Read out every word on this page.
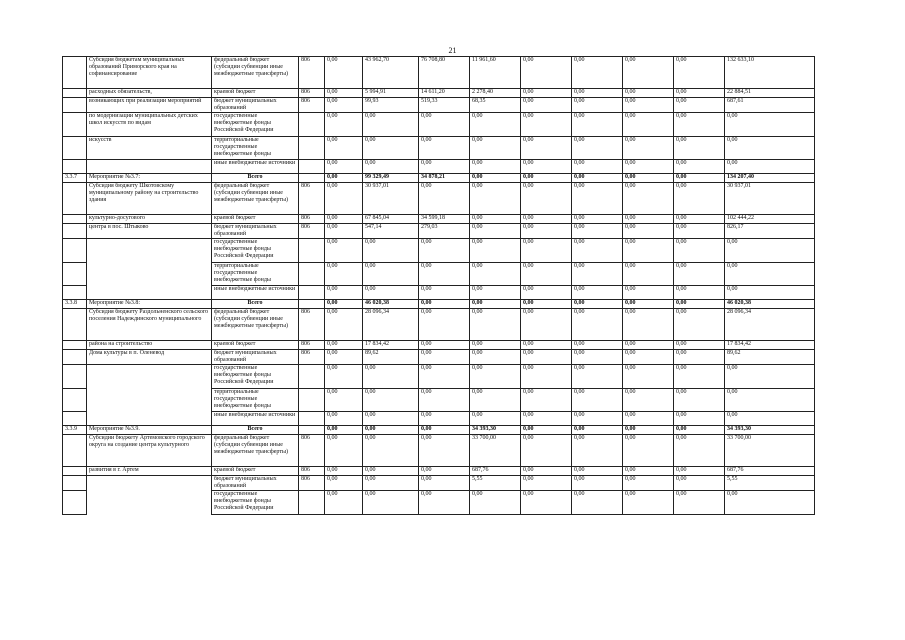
21
	Субсидия бюджетам муниципальных образований Приморского края на софинансирование	федеральный бюджет (субсидии субвенции иные межбюджетные трансферты)	806	0,00	43 962,70	76 708,80	11 961,60	0,00	0,00	0,00	0,00	132 633,10
	расходных обязательств,	краевой бюджет	806	0,00	5 994,91	14 611,20	2 278,40	0,00	0,00	0,00	0,00	22 884,51
	возникающих при реализации мероприятий	бюджет муниципальных образований	806	0,00	99,93	519,33	68,35	0,00	0,00	0,00	0,00	687,61
	по модернизации муниципальных детских школ искусств по видам	государственные внебюджетные фонды Российской Федерации		0,00	0,00	0,00	0,00	0,00	0,00	0,00	0,00	0,00
	искусств	территориальные государственные внебюджетные фонды		0,00	0,00	0,00	0,00	0,00	0,00	0,00	0,00	0,00
		иные внебюджетные источники		0,00	0,00	0,00	0,00	0,00	0,00	0,00	0,00	0,00
3.3.7	Мероприятие №3.7:	Всего		0,00	99 329,49	34 878,21	0,00	0,00	0,00	0,00	0,00	134 207,40
	Субсидия бюджету Шкотовскому муниципальному району на строительство здания	федеральный бюджет (субсидии субвенции иные межбюджетные трансферты)	806	0,00	30 937,01	0,00	0,00	0,00	0,00	0,00	0,00	30 937,01
	культурно-досугового	краевой бюджет	806	0,00	67 845,04	34 599,18	0,00	0,00	0,00	0,00	0,00	102 444,22
	центра в пос. Штыково	бюджет муниципальных образований	806	0,00	547,14	279,03	0,00	0,00	0,00	0,00	0,00	826,17
		государственные внебюджетные фонды Российской Федерации		0,00	0,00	0,00	0,00	0,00	0,00	0,00	0,00	0,00
		территориальные государственные внебюджетные фонды		0,00	0,00	0,00	0,00	0,00	0,00	0,00	0,00	0,00
		иные внебюджетные источники		0,00	0,00	0,00	0,00	0,00	0,00	0,00	0,00	0,00
3.3.8	Мероприятие №3.8:	Всего		0,00	46 020,38	0,00	0,00	0,00	0,00	0,00	0,00	46 020,38
	Субсидия бюджету Раздольненского сельского поселения Надеждинского муниципального	федеральный бюджет (субсидии субвенции иные межбюджетные трансферты)	806	0,00	28 096,34	0,00	0,00	0,00	0,00	0,00	0,00	28 096,34
	района на строительство	краевой бюджет	806	0,00	17 834,42	0,00	0,00	0,00	0,00	0,00	0,00	17 834,42
	Дома культуры в п. Оленевод	бюджет муниципальных образований	806	0,00	89,62	0,00	0,00	0,00	0,00	0,00	0,00	89,62
		государственные внебюджетные фонды Российской Федерации		0,00	0,00	0,00	0,00	0,00	0,00	0,00	0,00	0,00
		территориальные государственные внебюджетные фонды		0,00	0,00	0,00	0,00	0,00	0,00	0,00	0,00	0,00
		иные внебюджетные источники		0,00	0,00	0,00	0,00	0,00	0,00	0,00	0,00	0,00
3.3.9	Мероприятие №3.9.	Всего		0,00	0,00	0,00	34 393,30	0,00	0,00	0,00	0,00	34 393,30
	Субсидии бюджету Артемовского городского округа на создание центра культурного	федеральный бюджет (субсидии субвенции иные межбюджетные трансферты)	806	0,00	0,00	0,00	33 700,00	0,00	0,00	0,00	0,00	33 700,00
	развития в г. Артем	краевой бюджет	806	0,00	0,00	0,00	687,76	0,00	0,00	0,00	0,00	687,76
		бюджет муниципальных образований	806	0,00	0,00	0,00	5,55	0,00	0,00	0,00	0,00	5,55
		государственные внебюджетные фонды Российской Федерации		0,00	0,00	0,00	0,00	0,00	0,00	0,00	0,00	0,00
